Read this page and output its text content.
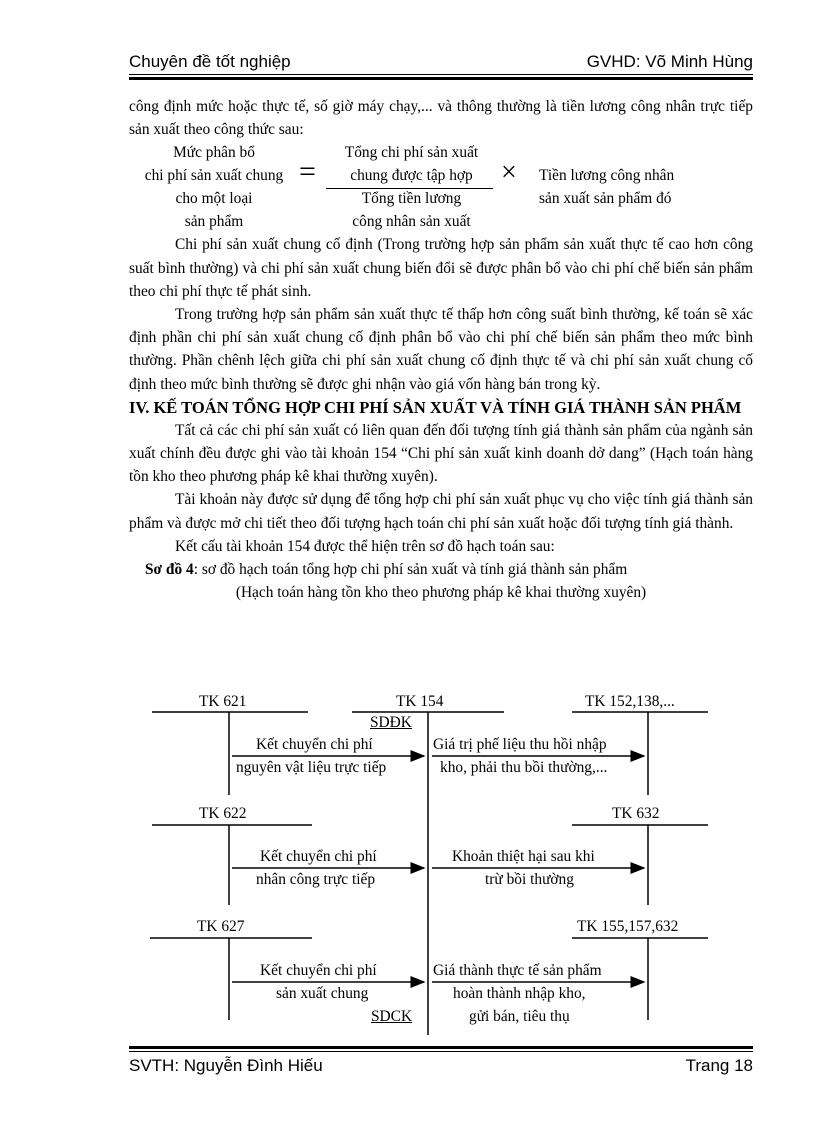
Chuyên đề tốt nghiệp	GVHD: Võ Minh Hùng

công định mức hoặc thực tế, số giờ máy chạy,... và thông thường là tiền lương công nhân trực tiếp sản xuất theo công thức sau:

Mức phân bổ
chi phí sản xuất chung
cho một loại
sản phẩm
=
Tổng chi phí sản xuất
chung được tập hợp
Tổng tiền lương
công nhân sản xuất
× Tiền lương công nhân
sản xuất sản phẩm đó

Chi phí sản xuất chung cố định (Trong trường hợp sản phẩm sản xuất thực tế cao hơn công suất bình thường) và chi phí sản xuất chung biến đổi sẽ được phân bổ vào chi phí chế biến sản phẩm theo chi phí thực tế phát sinh.

Trong trường hợp sản phẩm sản xuất thực tế thấp hơn công suất bình thường, kế toán sẽ xác định phần chi phí sản xuất chung cố định phân bổ vào chi phí chế biến sản phẩm theo mức bình thường. Phần chênh lệch giữa chi phí sản xuất chung cố định thực tế và chi phí sản xuất chung cố định theo mức bình thường sẽ được ghi nhận vào giá vốn hàng bán trong kỳ.

IV. KẾ TOÁN TỔNG HỢP CHI PHÍ SẢN XUẤT VÀ TÍNH GIÁ THÀNH SẢN PHẨM

Tất cả các chi phí sản xuất có liên quan đến đối tượng tính giá thành sản phẩm của ngành sản xuất chính đều được ghi vào tài khoản 154 “Chi phí sản xuất kinh doanh dở dang” (Hạch toán hàng tồn kho theo phương pháp kê khai thường xuyên).

Tài khoản này được sử dụng để tổng hợp chi phí sản xuất phục vụ cho việc tính giá thành sản phẩm và được mở chi tiết theo đối tượng hạch toán chi phí sản xuất hoặc đối tượng tính giá thành.

Kết cấu tài khoản 154 được thể hiện trên sơ đồ hạch toán sau:

Sơ đồ 4: sơ đồ hạch toán tổng hợp chi phí sản xuất và tính giá thành sản phẩm

(Hạch toán hàng tồn kho theo phương pháp kê khai thường xuyên)

TK 621	TK 154	TK 152,138,...
SDĐK
Kết chuyển chi phí
nguyên vật liệu trực tiếp
Giá trị phế liệu thu hồi nhập
kho, phải thu bồi thường,...
TK 622	TK 632
Kết chuyển chi phí
nhân công trực tiếp
Khoản thiệt hại sau khi
trừ bồi thường
TK 627	TK 155,157,632
Kết chuyển chi phí
sản xuất chung
Giá thành thực tế sản phẩm
hoàn thành nhập kho,
gửi bán, tiêu thụ
SDCK
SVTH: Nguyễn Đình Hiếu	Trang 18
